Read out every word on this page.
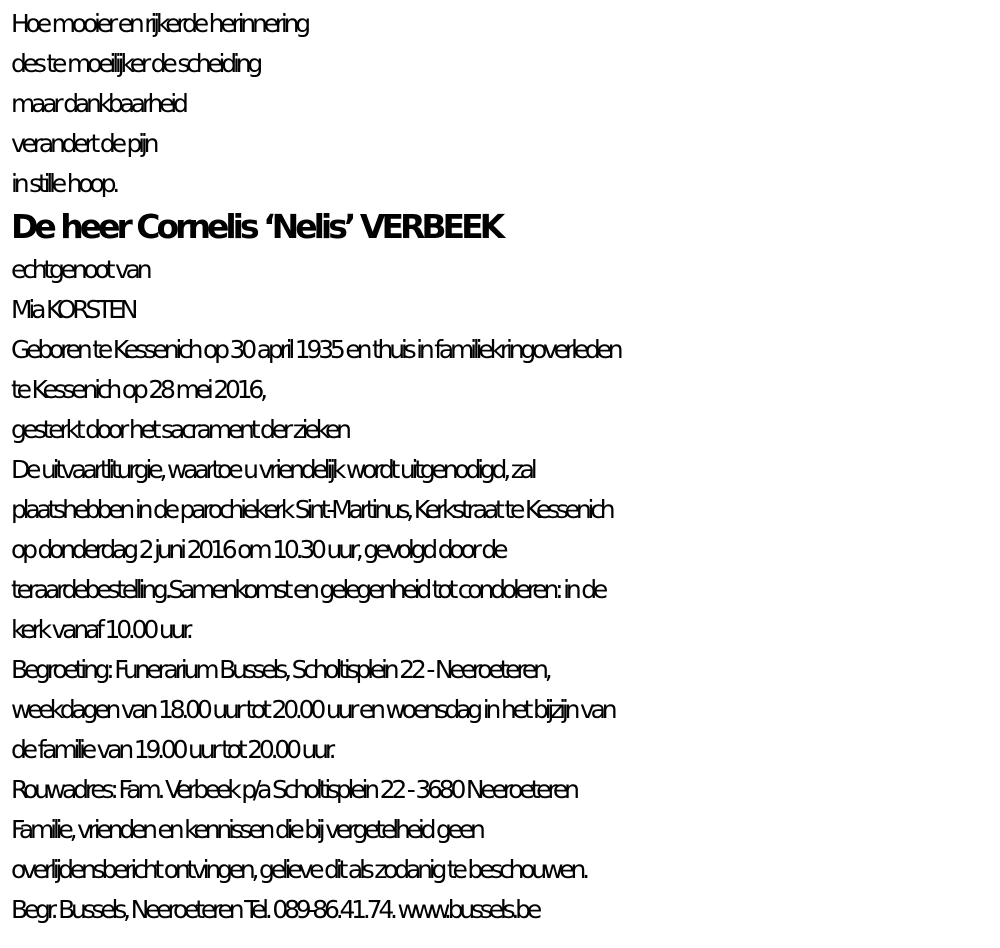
Hoe mooier en rijkerde herinnering
des te moeilijker de scheiding
maar dankbaarheid
verandert de pijn
in stille hoop.
De heer Cornelis ‘Nelis’ VERBEEK
echtgenoot van
Mia KORSTEN
Geboren te Kessenich op 30 april 1935 en thuis in familiekringoverleden
te Kessenich op 28 mei 2016,
gesterkt door het sacrament der zieken
De uitvaartliturgie, waartoe u vriendelijk wordt uitgenodigd, zal
plaatshebben in de parochiekerk Sint-Martinus, Kerkstraat te Kessenich
op donderdag 2 juni 2016 om 10.30 uur, gevolgd door de
teraardebestelling.Samenkomst en gelegenheid tot condoleren: in de
kerk vanaf 10.00 uur.
Begroeting: Funerarium Bussels, Scholtisplein 22 - Neeroeteren,
weekdagen van 18.00 uur tot 20.00 uur en woensdag in het bijzijn van
de familie van 19.00 uur tot 20.00 uur.
Rouwadres: Fam. Verbeek p/a Scholtisplein 22 - 3680 Neeroeteren
Familie, vrienden en kennissen die bij vergetelheid geen
overlijdensbericht ontvingen, gelieve dit als zodanig te beschouwen.
Begr. Bussels, Neeroeteren Tel. 089-86.41.74. www.bussels.be
